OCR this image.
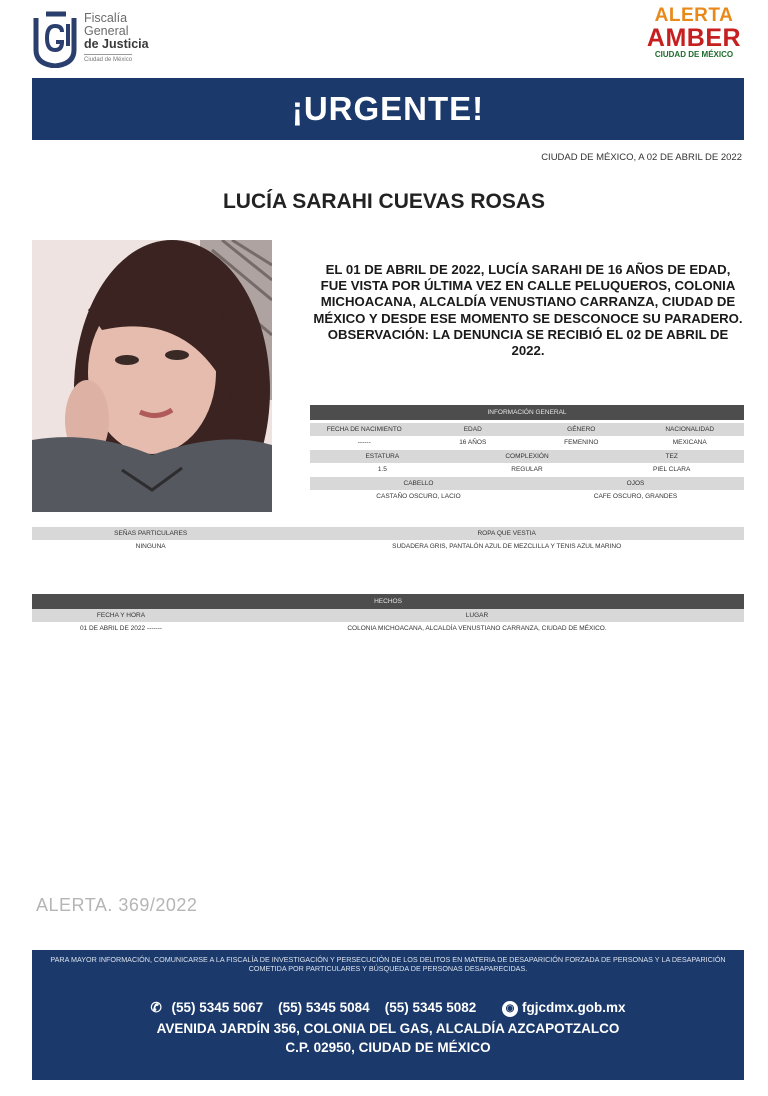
Fiscalía
General
de Justicia
Ciudad de México
ALERTA
AMBER
CIUDAD DE MÉXICO
¡URGENTE!
CIUDAD DE MÉXICO, A 02 DE ABRIL DE 2022
LUCÍA SARAHI CUEVAS ROSAS
EL 01 DE ABRIL DE 2022, LUCÍA SARAHI DE 16 AÑOS DE EDAD, FUE VISTA POR ÚLTIMA VEZ EN CALLE PELUQUEROS, COLONIA MICHOACANA, ALCALDÍA VENUSTIANO CARRANZA, CIUDAD DE MÉXICO Y DESDE ESE MOMENTO SE DESCONOCE SU PARADERO. OBSERVACIÓN: LA DENUNCIA SE RECIBIÓ EL 02 DE ABRIL DE 2022.
INFORMACIÓN GENERAL
FECHA DE NACIMIENTO	EDAD	GÉNERO	NACIONALIDAD
------	16 AÑOS	FEMENINO	MEXICANA
ESTATURA	COMPLEXIÓN	TEZ
1.5	REGULAR	PIEL CLARA
CABELLO	OJOS
CASTAÑO OSCURO, LACIO	CAFE OSCURO, GRANDES
SEÑAS PARTICULARES	ROPA QUE VESTIA
NINGUNA	SUDADERA GRIS, PANTALÓN AZUL DE MEZCLILLA Y TENIS AZUL MARINO
HECHOS
FECHA Y HORA	LUGAR
01 DE ABRIL DE 2022 -------	COLONIA MICHOACANA, ALCALDÍA VENUSTIANO CARRANZA, CIUDAD DE MÉXICO.
ALERTA. 369/2022
PARA MAYOR INFORMACIÓN, COMUNICARSE A LA FISCALÍA DE INVESTIGACIÓN Y PERSECUCIÓN DE LOS DELITOS EN MATERIA DE DESAPARICIÓN FORZADA DE PERSONAS Y LA DESAPARICIÓN COMETIDA POR PARTICULARES Y BÚSQUEDA DE PERSONAS DESAPARECIDAS.
✆ (55) 5345 5067 (55) 5345 5084 (55) 5345 5082	◉ fgjcdmx.gob.mx
AVENIDA JARDÍN 356, COLONIA DEL GAS, ALCALDÍA AZCAPOTZALCO
C.P. 02950, CIUDAD DE MÉXICO
